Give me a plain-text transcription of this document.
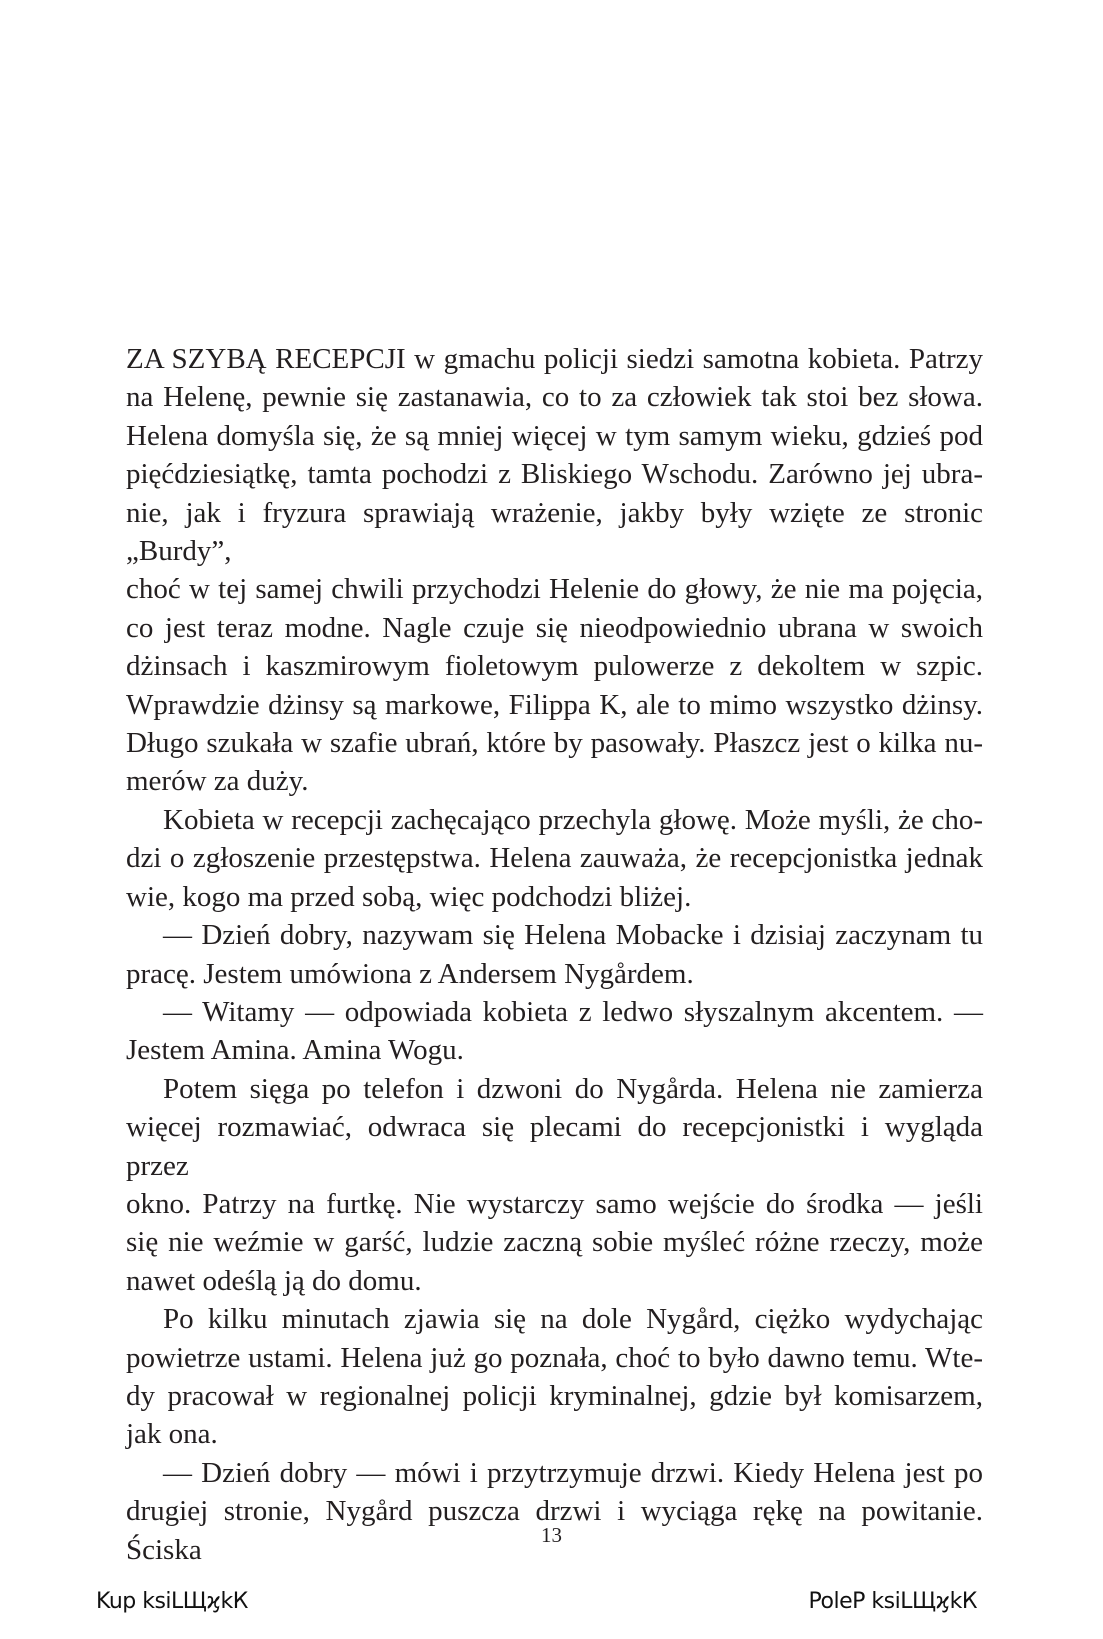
ZA SZYBĄ RECEPCJI w gmachu policji siedzi samotna kobieta. Patrzy
na Helenę, pewnie się zastanawia, co to za człowiek tak stoi bez słowa.
Helena domyśla się, że są mniej więcej w tym samym wieku, gdzieś pod
pięćdziesiątkę, tamta pochodzi z Bliskiego Wschodu. Zarówno jej ubra-
nie, jak i fryzura sprawiają wrażenie, jakby były wzięte ze stronic „Burdy”,
choć w tej samej chwili przychodzi Helenie do głowy, że nie ma pojęcia,
co jest teraz modne. Nagle czuje się nieodpowiednio ubrana w swoich
dżinsach i kaszmirowym fioletowym pulowerze z dekoltem w szpic.
Wprawdzie dżinsy są markowe, Filippa K, ale to mimo wszystko dżinsy.
Długo szukała w szafie ubrań, które by pasowały. Płaszcz jest o kilka nu-
merów za duży.

Kobieta w recepcji zachęcająco przechyla głowę. Może myśli, że cho-
dzi o zgłoszenie przestępstwa. Helena zauważa, że recepcjonistka jednak
wie, kogo ma przed sobą, więc podchodzi bliżej.

— Dzień dobry, nazywam się Helena Mobacke i dzisiaj zaczynam tu
pracę. Jestem umówiona z Andersem Nygårdem.

— Witamy — odpowiada kobieta z ledwo słyszalnym akcentem. —
Jestem Amina. Amina Wogu.

Potem sięga po telefon i dzwoni do Nygårda. Helena nie zamierza
więcej rozmawiać, odwraca się plecami do recepcjonistki i wygląda przez
okno. Patrzy na furtkę. Nie wystarczy samo wejście do środka — jeśli
się nie weźmie w garść, ludzie zaczną sobie myśleć różne rzeczy, może
nawet odeślą ją do domu.

Po kilku minutach zjawia się na dole Nygård, ciężko wydychając
powietrze ustami. Helena już go poznała, choć to było dawno temu. Wte-
dy pracował w regionalnej policji kryminalnej, gdzie był komisarzem,
jak ona.

— Dzień dobry — mówi i przytrzymuje drzwi. Kiedy Helena jest po
drugiej stronie, Nygård puszcza drzwi i wyciąga rękę na powitanie. Ściska	13
Kup ksiLЩϗkК	PoleР ksiLЩϗkК
